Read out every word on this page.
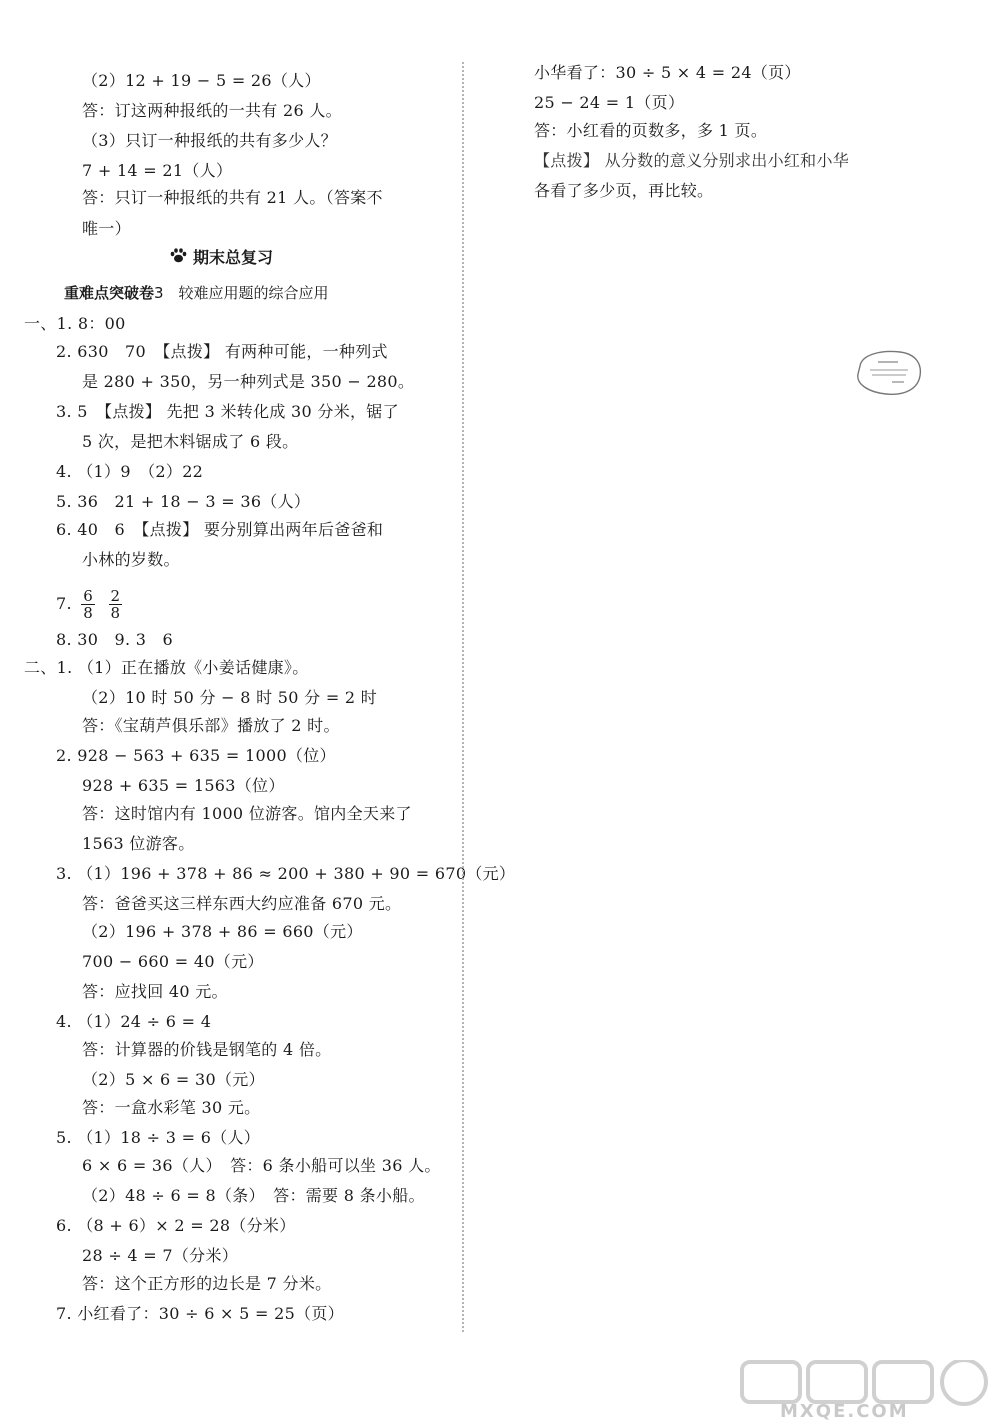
（2）12 + 19 − 5 = 26（人）
答：订这两种报纸的一共有 26 人。
（3）只订一种报纸的共有多少人？
7 + 14 = 21（人）
答：只订一种报纸的共有 21 人。（答案不
唯一）
期末总复习
重难点突破卷3　较难应用题的综合应用
一、1. 8：00
2. 630　70　【点拨】 有两种可能，一种列式
是 280 + 350，另一种列式是 350 − 280。
3. 5　【点拨】 先把 3 米转化成 30 分米，锯了
5 次，是把木料锯成了 6 段。
4. （1）9　（2）22
5. 36　21 + 18 − 3 = 36（人）
6. 40　6　【点拨】 要分别算出两年后爸爸和
小林的岁数。
7. $\frac{6}{8}$
$\frac{2}{8}$
8. 30　9. 3　6
二、1. （1）正在播放《小姜话健康》。
（2）10 时 50 分 − 8 时 50 分 = 2 时
答：《宝葫芦俱乐部》播放了 2 时。
2. 928 − 563 + 635 = 1000（位）
928 + 635 = 1563（位）
答：这时馆内有 1000 位游客。馆内全天来了
1563 位游客。
3. （1）196 + 378 + 86 ≈ 200 + 380 + 90 = 670（元）
答：爸爸买这三样东西大约应准备 670 元。
（2）196 + 378 + 86 = 660（元）
700 − 660 = 40（元）
答：应找回 40 元。
4. （1）24 ÷ 6 = 4
答：计算器的价钱是钢笔的 4 倍。
（2）5 × 6 = 30（元）
答：一盒水彩笔 30 元。
5. （1）18 ÷ 3 = 6（人）
6 × 6 = 36（人）　答：6 条小船可以坐 36 人。
（2）48 ÷ 6 = 8（条）　答：需要 8 条小船。
6. （8 + 6）× 2 = 28（分米）
28 ÷ 4 = 7（分米）
答：这个正方形的边长是 7 分米。
7. 小红看了：30 ÷ 6 × 5 = 25（页）
小华看了：30 ÷ 5 × 4 = 24（页）
25 − 24 = 1（页）
答：小红看的页数多，多 1 页。
【点拨】 从分数的意义分别求出小红和小华
各看了多少页，再比较。
MXQE.COM
